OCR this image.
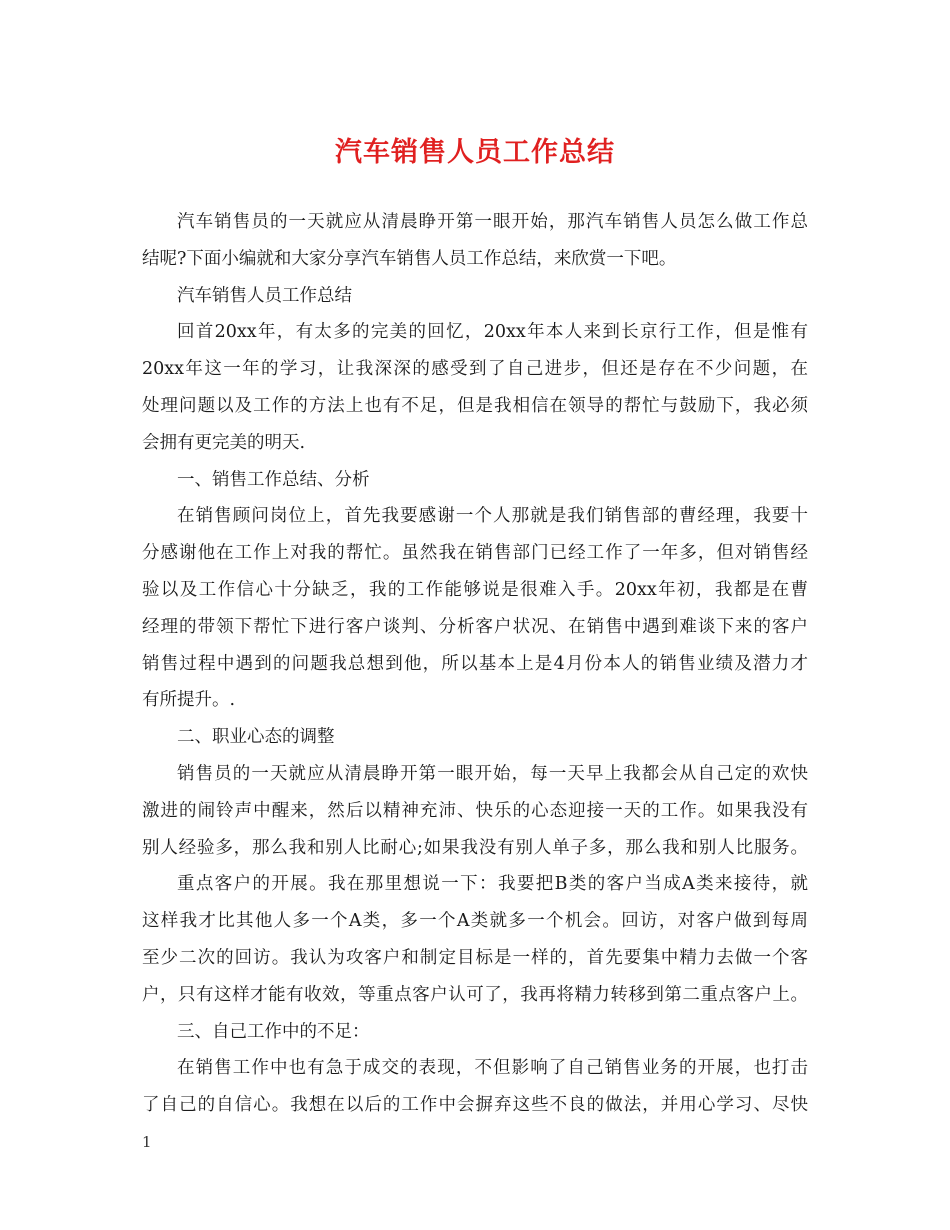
汽车销售人员工作总结
汽车销售员的一天就应从清晨睁开第一眼开始，那汽车销售人员怎么做工作总
结呢?下面小编就和大家分享汽车销售人员工作总结，来欣赏一下吧。
汽车销售人员工作总结
回首20xx年，有太多的完美的回忆，20xx年本人来到长京行工作，但是惟有
20xx年这一年的学习，让我深深的感受到了自己进步，但还是存在不少问题，在
处理问题以及工作的方法上也有不足，但是我相信在领导的帮忙与鼓励下，我必须
会拥有更完美的明天.
一、销售工作总结、分析
在销售顾问岗位上，首先我要感谢一个人那就是我们销售部的曹经理，我要十
分感谢他在工作上对我的帮忙。虽然我在销售部门已经工作了一年多，但对销售经
验以及工作信心十分缺乏，我的工作能够说是很难入手。20xx年初，我都是在曹
经理的带领下帮忙下进行客户谈判、分析客户状况、在销售中遇到难谈下来的客户
销售过程中遇到的问题我总想到他，所以基本上是4月份本人的销售业绩及潜力才
有所提升。.
二、职业心态的调整
销售员的一天就应从清晨睁开第一眼开始，每一天早上我都会从自己定的欢快
激进的闹铃声中醒来，然后以精神充沛、快乐的心态迎接一天的工作。如果我没有
别人经验多，那么我和别人比耐心;如果我没有别人单子多，那么我和别人比服务。
重点客户的开展。我在那里想说一下：我要把B类的客户当成A类来接待，就
这样我才比其他人多一个A类，多一个A类就多一个机会。回访，对客户做到每周
至少二次的回访。我认为攻客户和制定目标是一样的，首先要集中精力去做一个客
户，只有这样才能有收效，等重点客户认可了，我再将精力转移到第二重点客户上。
三、自己工作中的不足：
在销售工作中也有急于成交的表现，不但影响了自己销售业务的开展，也打击
了自己的自信心。我想在以后的工作中会摒弃这些不良的做法，并用心学习、尽快
1
